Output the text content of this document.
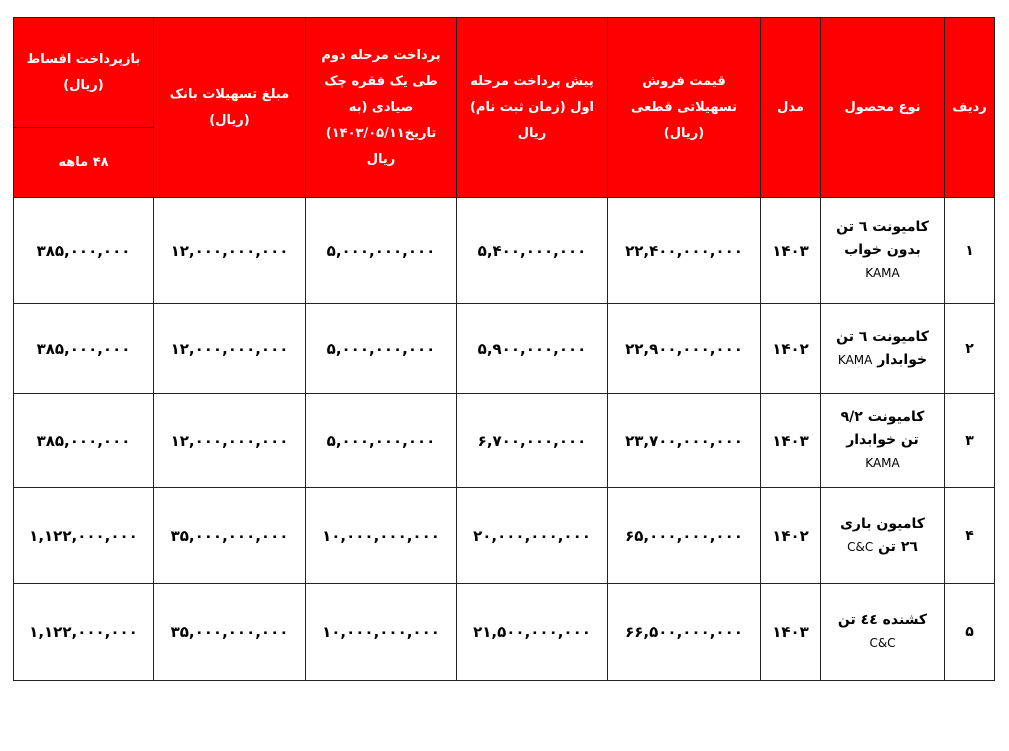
ردیف	نوع محصول	مدل	قیمت فروش
تسهیلاتی قطعی
(ریال)	پیش پرداخت مرحله
اول (زمان ثبت نام)
ریال	پرداخت مرحله دوم
طی یک فقره چک
صیادی (به
تاریخ۱۴۰۳/۰۵/۱۱)
ریال	مبلغ تسهیلات بانک
(ریال)	بازپرداخت اقساط
(ریال)

							۴۸ ماهه
۱	کامیونت ٦ تن
بدون خواب
KAMA	۱۴۰۳	۲۲,۴۰۰,۰۰۰,۰۰۰	۵,۴۰۰,۰۰۰,۰۰۰	۵,۰۰۰,۰۰۰,۰۰۰	۱۲,۰۰۰,۰۰۰,۰۰۰	۳۸۵,۰۰۰,۰۰۰
۲	کامیونت ٦ تن
خوابدار KAMA	۱۴۰۲	۲۲,۹۰۰,۰۰۰,۰۰۰	۵,۹۰۰,۰۰۰,۰۰۰	۵,۰۰۰,۰۰۰,۰۰۰	۱۲,۰۰۰,۰۰۰,۰۰۰	۳۸۵,۰۰۰,۰۰۰
۳	کامیونت ۹/۲
تن خوابدار
KAMA	۱۴۰۳	۲۳,۷۰۰,۰۰۰,۰۰۰	۶,۷۰۰,۰۰۰,۰۰۰	۵,۰۰۰,۰۰۰,۰۰۰	۱۲,۰۰۰,۰۰۰,۰۰۰	۳۸۵,۰۰۰,۰۰۰
۴	کامیون باری
۲٦ تن C&C	۱۴۰۲	۶۵,۰۰۰,۰۰۰,۰۰۰	۲۰,۰۰۰,۰۰۰,۰۰۰	۱۰,۰۰۰,۰۰۰,۰۰۰	۳۵,۰۰۰,۰۰۰,۰۰۰	۱,۱۲۲,۰۰۰,۰۰۰
۵	کشنده ٤٤ تن
C&C	۱۴۰۳	۶۶,۵۰۰,۰۰۰,۰۰۰	۲۱,۵۰۰,۰۰۰,۰۰۰	۱۰,۰۰۰,۰۰۰,۰۰۰	۳۵,۰۰۰,۰۰۰,۰۰۰	۱,۱۲۲,۰۰۰,۰۰۰
